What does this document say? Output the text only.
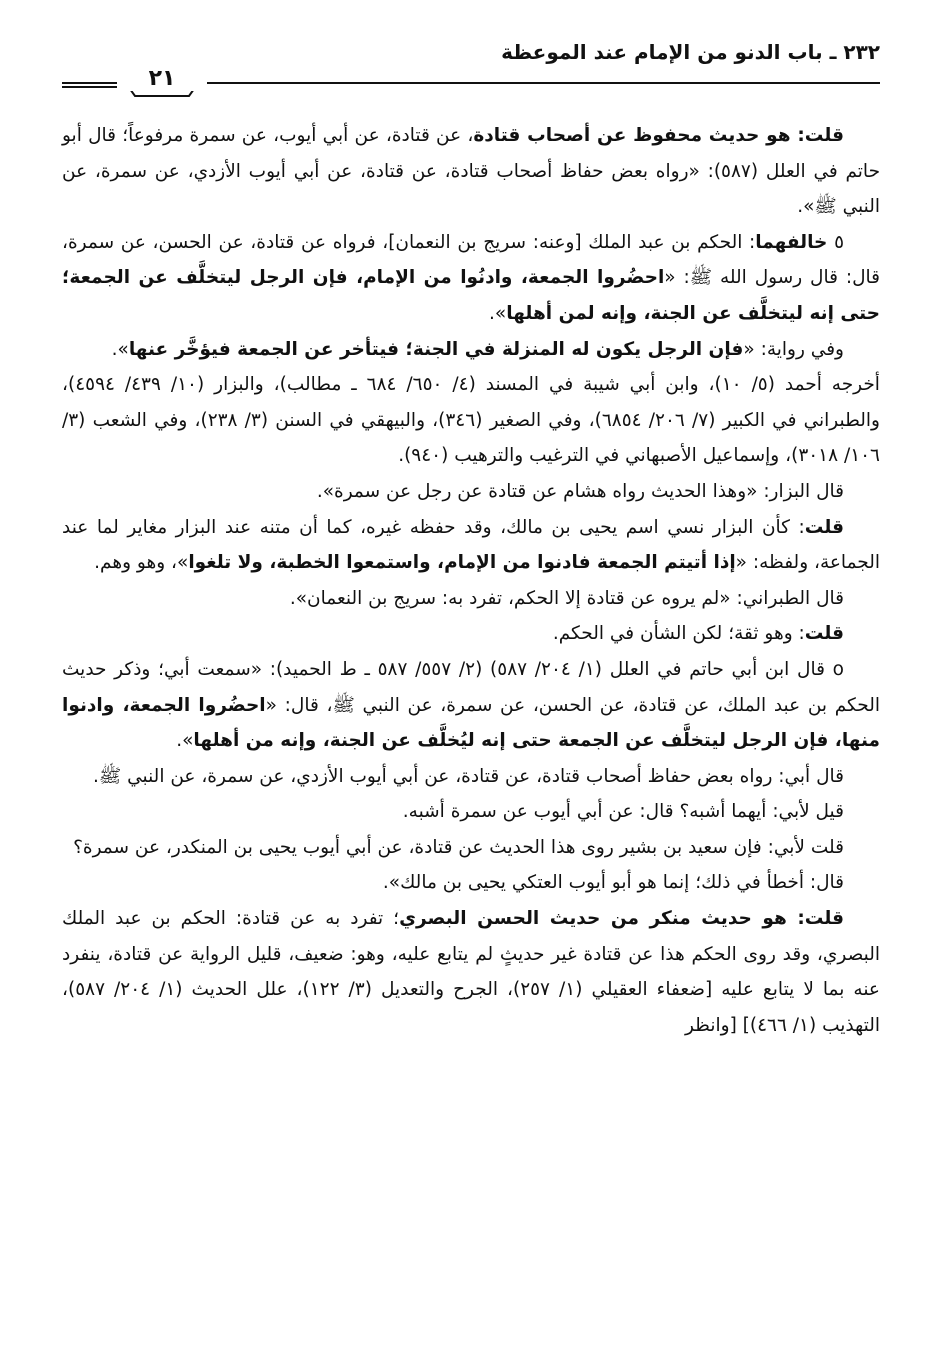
٢٣٢ ـ باب الدنو من الإمام عند الموعظة
٢١

قلت: هو حديث محفوظ عن أصحاب قتادة، عن قتادة، عن أبي أيوب، عن سمرة مرفوعاً؛ قال أبو حاتم في العلل (٥٨٧): «رواه بعض حفاظ أصحاب قتادة، عن قتادة، عن أبي أيوب الأزدي، عن سمرة، عن النبي ﷺ».

٥ خالفهما: الحكم بن عبد الملك [وعنه: سريج بن النعمان]، فرواه عن قتادة، عن الحسن، عن سمرة، قال: قال رسول الله ﷺ: «احضُروا الجمعة، وادنُوا من الإمام، فإن الرجل ليتخلَّف عن الجمعة؛ حتى إنه ليتخلَّف عن الجنة، وإنه لمن أهلها».

وفي رواية: «فإن الرجل يكون له المنزلة في الجنة؛ فيتأخر عن الجمعة فيؤخَّر عنها».

أخرجه أحمد (٥/ ١٠)، وابن أبي شيبة في المسند (٤/ ٦٥٠/ ٦٨٤ ـ مطالب)، والبزار (١٠/ ٤٣٩/ ٤٥٩٤)، والطبراني في الكبير (٧/ ٢٠٦/ ٦٨٥٤)، وفي الصغير (٣٤٦)، والبيهقي في السنن (٣/ ٢٣٨)، وفي الشعب (٣/ ١٠٦/ ٣٠١٨)، وإسماعيل الأصبهاني في الترغيب والترهيب (٩٤٠).

قال البزار: «وهذا الحديث رواه هشام عن قتادة عن رجل عن سمرة».

قلت: كأن البزار نسي اسم يحيى بن مالك، وقد حفظه غيره، كما أن متنه عند البزار مغاير لما عند الجماعة، ولفظه: «إذا أتيتم الجمعة فادنوا من الإمام، واستمعوا الخطبة، ولا تلغوا»، وهو وهم.

قال الطبراني: «لم يروه عن قتادة إلا الحكم، تفرد به: سريج بن النعمان».

قلت: وهو ثقة؛ لكن الشأن في الحكم.

o قال ابن أبي حاتم في العلل (١/ ٢٠٤/ ٥٨٧) (٢/ ٥٥٧/ ٥٨٧ ـ ط الحميد): «سمعت أبي؛ وذكر حديث الحكم بن عبد الملك، عن قتادة، عن الحسن، عن سمرة، عن النبي ﷺ، قال: «احضُروا الجمعة، وادنوا منها، فإن الرجل ليتخلَّف عن الجمعة حتى إنه ليُخلَّف عن الجنة، وإنه من أهلها».

قال أبي: رواه بعض حفاظ أصحاب قتادة، عن قتادة، عن أبي أيوب الأزدي، عن سمرة، عن النبي ﷺ.

قيل لأبي: أيهما أشبه؟ قال: عن أبي أيوب عن سمرة أشبه.

قلت لأبي: فإن سعيد بن بشير روى هذا الحديث عن قتادة، عن أبي أيوب يحيى بن المنكدر، عن سمرة؟

قال: أخطأ في ذلك؛ إنما هو أبو أيوب العتكي يحيى بن مالك».

قلت: هو حديث منكر من حديث الحسن البصري؛ تفرد به عن قتادة: الحكم بن عبد الملك البصري، وقد روى الحكم هذا عن قتادة غير حديثٍ لم يتابع عليه، وهو: ضعيف، قليل الرواية عن قتادة، ينفرد عنه بما لا يتابع عليه [ضعفاء العقيلي (١/ ٢٥٧)، الجرح والتعديل (٣/ ١٢٢)، علل الحديث (١/ ٢٠٤/ ٥٨٧)، التهذيب (١/ ٤٦٦)] [وانظر
